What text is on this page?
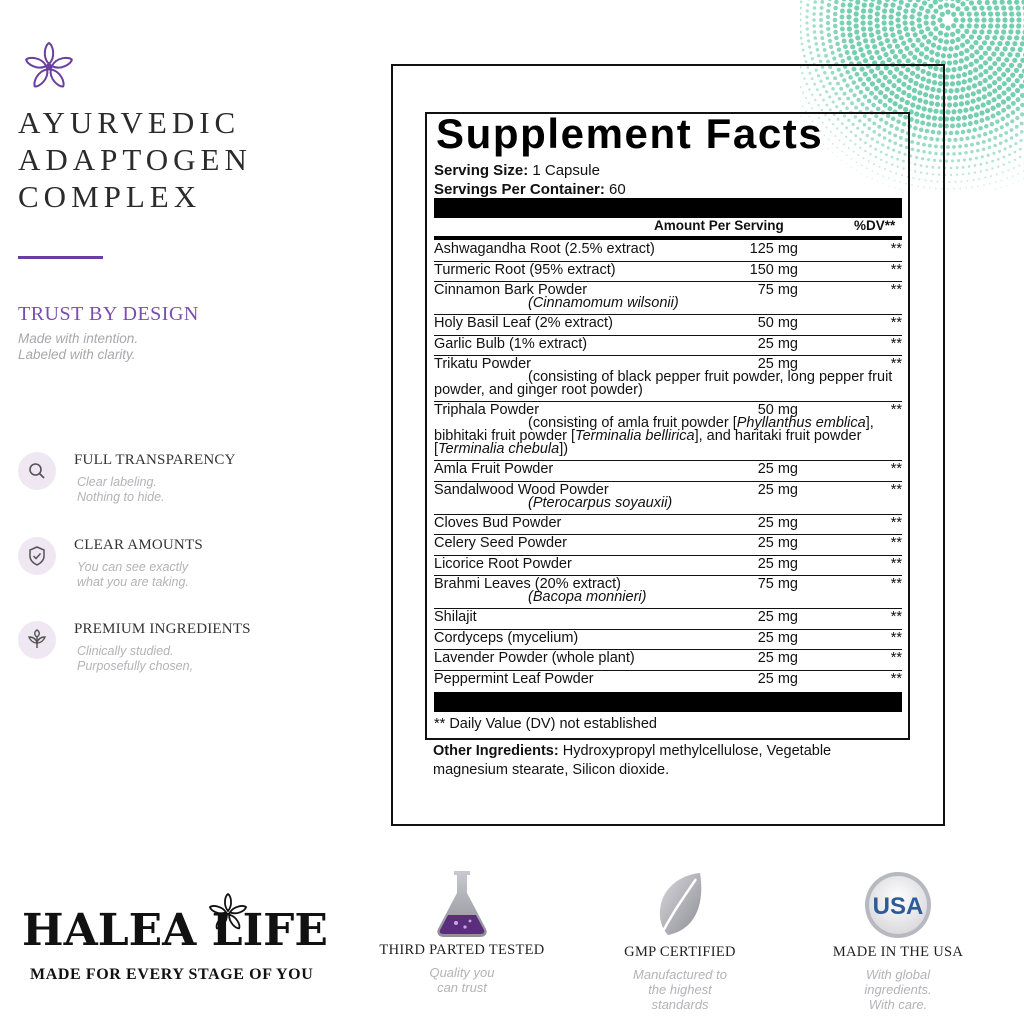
AYURVEDIC
ADAPTOGEN
COMPLEX
TRUST BY DESIGN
Made with intention.
Labeled with clarity.
FULL TRANSPARENCY
Clear labeling.
Nothing to hide.
CLEAR AMOUNTS
You can see exactly
what you are taking.
PREMIUM INGREDIENTS
Clinically studied.
Purposefully chosen,
Supplement Facts
Serving Size: 1 Capsule
Servings Per Container: 60
Amount Per Serving	%DV**
Ashwagandha Root (2.5% extract)	125 mg	**
Turmeric Root (95% extract)	150 mg	**
Cinnamon Bark Powder	75 mg	**
(Cinnamomum wilsonii)
Holy Basil Leaf (2% extract)	50 mg	**
Garlic Bulb (1% extract)	25 mg	**
Trikatu Powder	25 mg	**
(consisting of black pepper fruit powder, long pepper fruit powder, and ginger root powder)
Triphala Powder	50 mg	**
(consisting of amla fruit powder [Phyllanthus emblica], bibhitaki fruit powder [Terminalia bellirica], and haritaki fruit powder [Terminalia chebula])
Amla Fruit Powder	25 mg	**
Sandalwood Wood Powder	25 mg	**
(Pterocarpus soyauxii)
Cloves Bud Powder	25 mg	**
Celery Seed Powder	25 mg	**
Licorice Root Powder	25 mg	**
Brahmi Leaves (20% extract)	75 mg	**
(Bacopa monnieri)
Shilajit	25 mg	**
Cordyceps (mycelium)	25 mg	**
Lavender Powder (whole plant)	25 mg	**
Peppermint Leaf Powder	25 mg	**
** Daily Value (DV) not established
Other Ingredients: Hydroxypropyl methylcellulose, Vegetable magnesium stearate, Silicon dioxide.
HALEA LIFE
MADE FOR EVERY STAGE OF YOU
THIRD PARTED TESTED
Quality you
can trust
GMP CERTIFIED
Manufactured to
the highest
standards
USA
MADE IN THE USA
With global
ingredients.
With care.
